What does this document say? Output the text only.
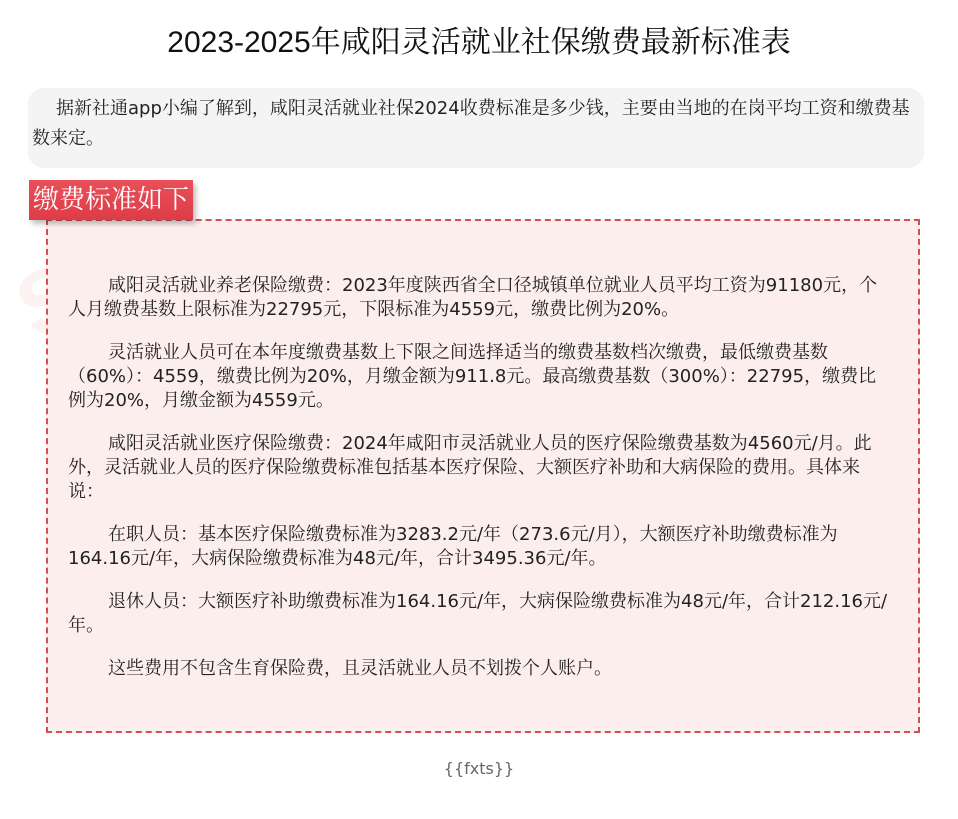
2023-2025年咸阳灵活就业社保缴费最新标准表
据新社通app小编了解到，咸阳灵活就业社保2024收费标准是多少钱，主要由当地的在岗平均工资和缴费基数来定。
缴费标准如下

咸阳灵活就业养老保险缴费：2023年度陕西省全口径城镇单位就业人员平均工资为91180元，个人月缴费基数上限标准为22795元，下限标准为4559元，缴费比例为20%。

灵活就业人员可在本年度缴费基数上下限之间选择适当的缴费基数档次缴费，最低缴费基数（60%）：4559，缴费比例为20%，月缴金额为911.8元。最高缴费基数（300%）：22795，缴费比例为20%，月缴金额为4559元。

咸阳灵活就业医疗保险缴费：2024年咸阳市灵活就业人员的医疗保险缴费基数为4560元/月。此外，灵活就业人员的医疗保险缴费标准包括基本医疗保险、大额医疗补助和大病保险的费用。具体来说：

在职人员：基本医疗保险缴费标准为3283.2元/年（273.6元/月），大额医疗补助缴费标准为164.16元/年，大病保险缴费标准为48元/年，合计3495.36元/年。

退休人员：大额医疗补助缴费标准为164.16元/年，大病保险缴费标准为48元/年，合计212.16元/年。

这些费用不包含生育保险费，且灵活就业人员不划拨个人账户。

{{fxts}}
